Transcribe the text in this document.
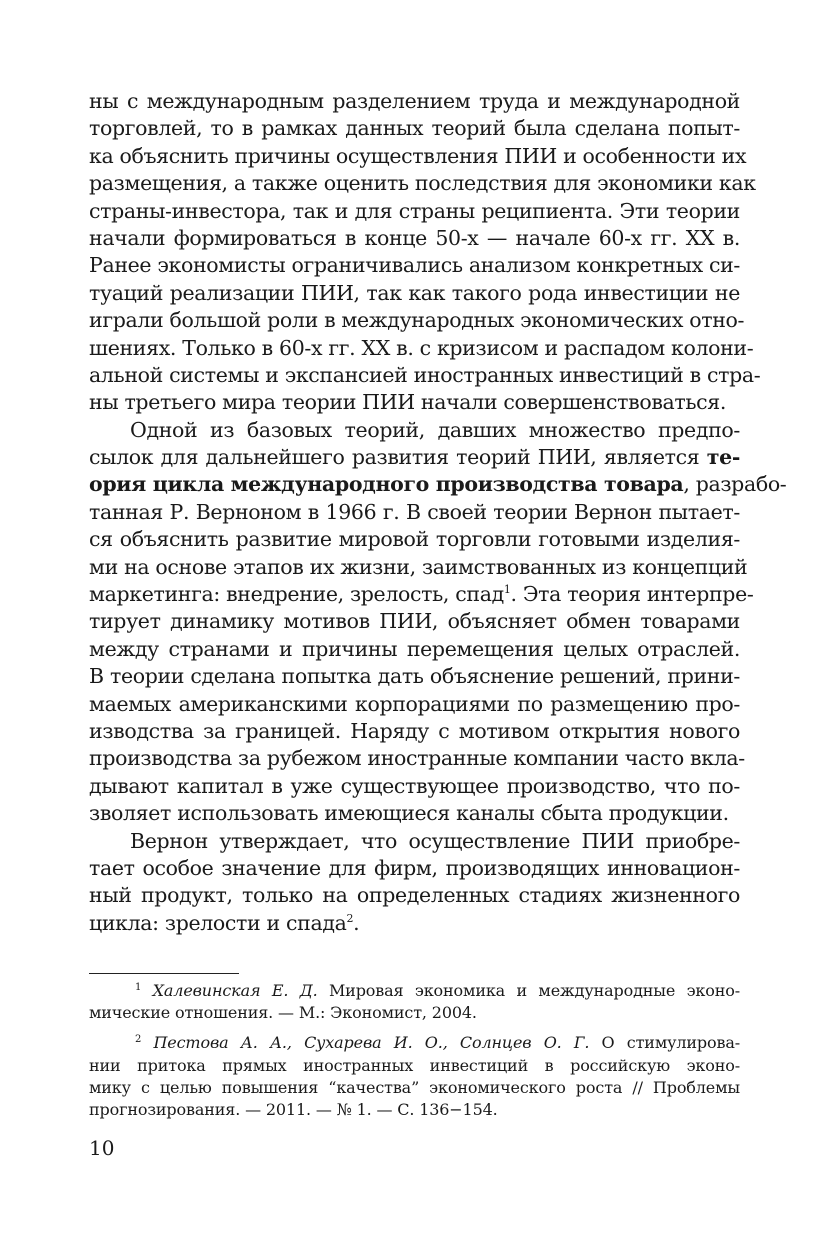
ны с международным разделением труда и международной
торговлей, то в рамках данных теорий была сделана попыт-
ка объяснить причины осуществления ПИИ и особенности их
размещения, а также оценить последствия для экономики как
страны-инвестора, так и для страны реципиента. Эти теории
начали формироваться в конце 50-х — начале 60-х гг. XX в.
Ранее экономисты ограничивались анализом конкретных си-
туаций реализации ПИИ, так как такого рода инвестиции не
играли большой роли в международных экономических отно-
шениях. Только в 60-х гг. XX в. с кризисом и распадом колони-
альной системы и экспансией иностранных инвестиций в стра-
ны третьего мира теории ПИИ начали совершенствоваться.
Одной из базовых теорий, давших множество предпо-
сылок для дальнейшего развития теорий ПИИ, является те-
ория цикла международного производства товара, разрабо-
танная Р. Верноном в 1966 г. В своей теории Вернон пытает-
ся объяснить развитие мировой торговли готовыми изделия-
ми на основе этапов их жизни, заимствованных из концепций
маркетинга: внедрение, зрелость, спад$^1$. Эта теория интерпре-
тирует динамику мотивов ПИИ, объясняет обмен товарами
между странами и причины перемещения целых отраслей.
В теории сделана попытка дать объяснение решений, прини-
маемых американскими корпорациями по размещению про-
изводства за границей. Наряду с мотивом открытия нового
производства за рубежом иностранные компании часто вкла-
дывают капитал в уже существующее производство, что по-
зволяет использовать имеющиеся каналы сбыта продукции.
Вернон утверждает, что осуществление ПИИ приобре-
тает особое значение для фирм, производящих инновацион-
ный продукт, только на определенных стадиях жизненного
цикла: зрелости и спада$^2$.
$^1$ Халевинская Е. Д. Мировая экономика и международные эконо-
мические отношения. — М.: Экономист, 2004.
$^2$ Пестова А. А., Сухарева И. О., Солнцев О. Г. О стимулирова-
нии притока прямых иностранных инвестиций в российскую эконо-
мику с целью повышения “качества” экономического роста // Проблемы
прогнозирования. — 2011. — № 1. — С. 136−154.
10
